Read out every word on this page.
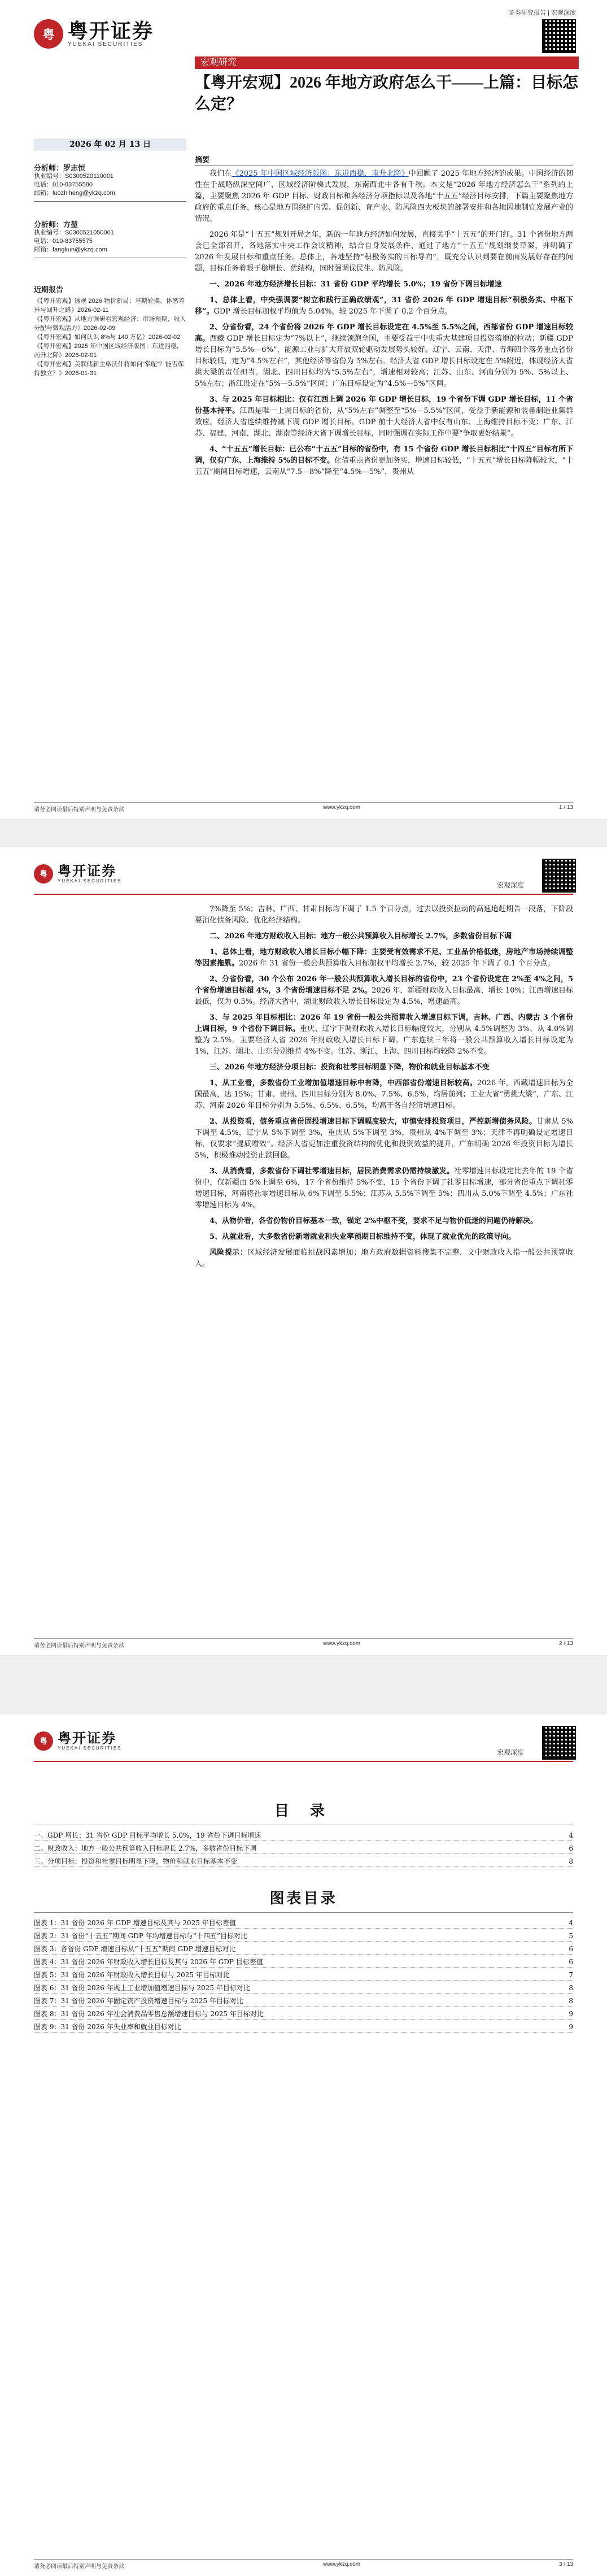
证券研究报告 | 宏观深度
粤 粤开证券
YUEKAI SECURITIES
宏观研究
【粤开宏观】2026 年地方政府怎么干——上篇：目标怎么定？
2026 年 02 月 13 日
分析师：罗志恒
执业编号：S0300520110001
电话：010-83755580
邮箱：luozhiheng@ykzq.com
分析师：方堃
执业编号：S0300521050001
电话：010-83755575
邮箱：fangkun@ykzq.com
近期报告
《【粤开宏观】透视 2026 物价新局：基期轮换、体感差异与回升之路》2026-02-11
《【粤开宏观】从地方调研看宏观经济：市场预期、收入分配与微观活力》2026-02-09
《【粤开宏观】如何认识 8%与 140 万亿》2026-02-02
《【粤开宏观】2025 年中国区域经济版图：东进西稳，南升北降》2026-02-01
《【粤开宏观】美联储新主席沃什将如何“掌舵”？能否保持独立？》2026-01-31
摘要

我们在《2025 年中国区域经济版图：东进西稳，南升北降》中回顾了 2025 年地方经济的成果。中国经济的韧性在于战略纵深空间广、区域经济阶梯式发展，东南西北中各有千秋。本文是“2026 年地方经济怎么干”系列的上篇，主要聚焦 2026 年 GDP 目标、财政目标和各经济分项指标以及各地“十五五”经济目标安排，下篇主要聚焦地方政府的重点任务，核心是地方围绕扩内需、促创新、育产业、防风险四大板块的部署安排和各地因地制宜发展产业的情况。

2026 年是“十五五”规划开局之年，新的一年地方经济如何发展，直接关乎“十五五”的开门红。31 个省份地方两会已全部召开，各地落实中央工作会议精神，结合自身发展条件，通过了地方“十五五”规划纲要草案，并明确了 2026 年发展目标和重点任务。总体上，各地坚持“积极务实的目标导向”，既充分认识到要在前面发展好存在的问题，目标任务着眼于稳增长、优结构，同时强调保民生、防风险。

一、2026 年地方经济增长目标：31 省份 GDP 平均增长 5.0%；19 省份下调目标增速

1、总体上看，中央强调要“树立和践行正确政绩观”，31 省份 2026 年 GDP 增速目标“积极务实、中枢下移”。GDP 增长目标加权平均值为 5.04%，较 2025 年下调了 0.2 个百分点。

2、分省份看，24 个省份将 2026 年 GDP 增长目标设定在 4.5%至 5.5%之间，西部省份 GDP 增速目标较高。西藏 GDP 增长目标定为“7%以上”，继续领跑全国，主要受益于中央重大基建项目投资落地的拉动；新疆 GDP 增长目标为“5.5%—6%”，能源工业与扩大开放双轮驱动发展势头较好。辽宁、云南、天津、青海四个落务重点省份目标较低，定为“4.5%左右”，其他经济等省份为 5%左右。经济大省 GDP 增长目标设定在 5%附近，体现经济大省挑大梁的责任担当。湖北、四川目标均为“5.5%左右”，增速相对较高；江苏、山东、河南分别为 5%、5%以上、5%左右；浙江设定在“5%—5.5%”区间；广东目标设定为“4.5%—5%”区间。

3、与 2025 年目标相比：仅有江西上调 2026 年 GDP 增长目标，19 个省份下调 GDP 增长目标，11 个省份基本持平。江西是唯一上调目标的省份，从“5%左右”调整至“5%—5.5%”区间，受益于新能源和装备制造业集群效应。经济大省连续维持减下调 GDP 增长目标。GDP 前十大经济大省中仅有山东、上海维持目标不变；广东、江苏、福建、河南、湖北、湖南等经济大省下调增长目标，同时强调在实际工作中要“争取更好结果”。

4、“十五五”增长目标：已公布“十五五”目标的省份中，有 15 个省份 GDP 增长目标相比“十四五”目标有所下调，仅有广东、上海维持 5%的目标不变。化债重点省份更加务实，增速目标较低，“十五五”增长目标降幅较大，“十五五”期间目标增速，云南从“7.5—8%”降至“4.5%—5%”，贵州从

请务必阅读最后特别声明与免责条款	www.ykzq.com	1 / 13
粤 粤开证券
YUEKAI SECURITIES
宏观深度

7%降至 5%；吉林、广西、甘肃目标均下调了 1.5 个百分点，过去以投资拉动的高速追赶期告一段落，下阶段要消化债务风险、优化经济结构。

二、2026 年地方财政收入目标：地方一般公共预算收入目标增长 2.7%，多数省份目标下调

1、总体上看，地方财政收入增长目标小幅下降：主要受有效需求不足、工业品价格低迷，房地产市场持续调整等因素拖累。2026 年 31 省份一般公共预算收入目标加权平均增长 2.7%，较 2025 年下调了 0.1 个百分点。

2、分省份看，30 个公布 2026 年一般公共预算收入增长目标的省份中，23 个省份设定在 2%至 4%之间，5 个省份增速目标超 4%，3 个省份增速目标不足 2%。2026 年，新疆财政收入目标最高，增长 10%；江西增速目标最低，仅为 0.5%。经济大省中，湖北财政收入增长目标设定为 4.5%，增速最高。

3、与 2025 年目标相比：2026 年 19 省份一般公共预算收入增速目标下调，吉林、广西、内蒙古 3 个省份上调目标，9 个省份下调目标。重庆、辽宁下调财政收入增长目标幅度较大，分别从 4.5%调整为 3%、从 4.0%调整为 2.5%。主要经济大省 2026 年财政收入增长目标下调。广东连续三年将一般公共预算收入增长目标设定为 1%，江苏、湖北、山东分别维持 4%不变。江苏、浙江、上海、四川目标均较降 2%不变。

三、2026 年地方经济分项目标：投资和社零目标明显下降，物价和就业目标基本不变

1、从工业看，多数省份工业增加值增速目标中有降，中西部省份增速目标较高。2026 年，西藏增速目标为全国最高，达 15%；甘肃、贵州、四川目标分别为 8.0%、7.5%、6.5%，均居前列；工业大省“勇挑大梁”，广东、江苏、河南 2026 年目标分别为 5.5%、6.5%、6.5%，均高于各自经济增速目标。

2、从投资看，债务重点省份固投增速目标下调幅度较大，审慎安排投资项目，严控新增债务风险。甘肃从 5%下调至 4.5%，辽宁从 5%下调至 3%，重庆从 5%下调至 3%，贵州从 4%下调至 3%；天津不再明确设定增速目标，仅要求“提质增效”。经济大省更加注重投资结构的优化和投资效益的提升，广东明确 2026 年投资目标为增长 5%，积极推动投资止跌回稳。

3、从消费看，多数省份下调社零增速目标，居民消费需求仍需持续激发。社零增速目标设定比去年的 19 个省份中，仅新疆由 5%上调至 6%，17 个省份维持 5%不变，15 个省份下调了社零目标增速，部分省份重点下调社零增速目标，河南将社零增速目标从 6%下调至 5.5%；江苏从 5.5%下调至 5%；四川从 5.0%下调至 4.5%；广东社零增速目标为 4%。

4、从物价看，各省份物价目标基本一致，锚定 2%中枢不变，要求不足与物价低迷的问题仍待解决。

5、从就业看，大多数省份新增就业和失业率预期目标维持不变，体现了就业优先的政策导向。

风险提示：区域经济发展面临挑战因素增加；地方政府数据资料搜集不完整，文中财政收入指一般公共预算收入。

请务必阅读最后特别声明与免责条款	www.ykzq.com	2 / 13
粤 粤开证券
YUEKAI SECURITIES
宏观深度
目 录
一、GDP 增长：31 省份 GDP 目标平均增长 5.0%，19 省份下调目标增速	4
二、财政收入：地方一般公共预算收入目标增长 2.7%，多数省份目标下调	6
三、分项目标：投资和社零目标明显下降，物价和就业目标基本不变	8
图表目录
图表 1：31 省份 2026 年 GDP 增速目标及其与 2025 年目标差值	4
图表 2：31 省份“十五五”期间 GDP 年均增速目标与“十四五”目标对比	5
图表 3：各省份 GDP 增速目标从“十五五”期间 GDP 增速目标对比	6
图表 4：31 省份 2026 年财政收入增长目标及其与 2026 年 GDP 目标差值	6
图表 5：31 省份 2026 年财政收入增长目标与 2025 年目标对比	7
图表 6：31 省份 2026 年规上工业增加值增速目标与 2025 年目标对比	8
图表 7：31 省份 2026 年固定资产投资增速目标与 2025 年目标对比	8
图表 8：31 省份 2026 年社会消费品零售总额增速目标与 2025 年目标对比	9
图表 9：31 省份 2026 年失业率和就业目标对比	9
请务必阅读最后特别声明与免责条款	www.ykzq.com	3 / 13
